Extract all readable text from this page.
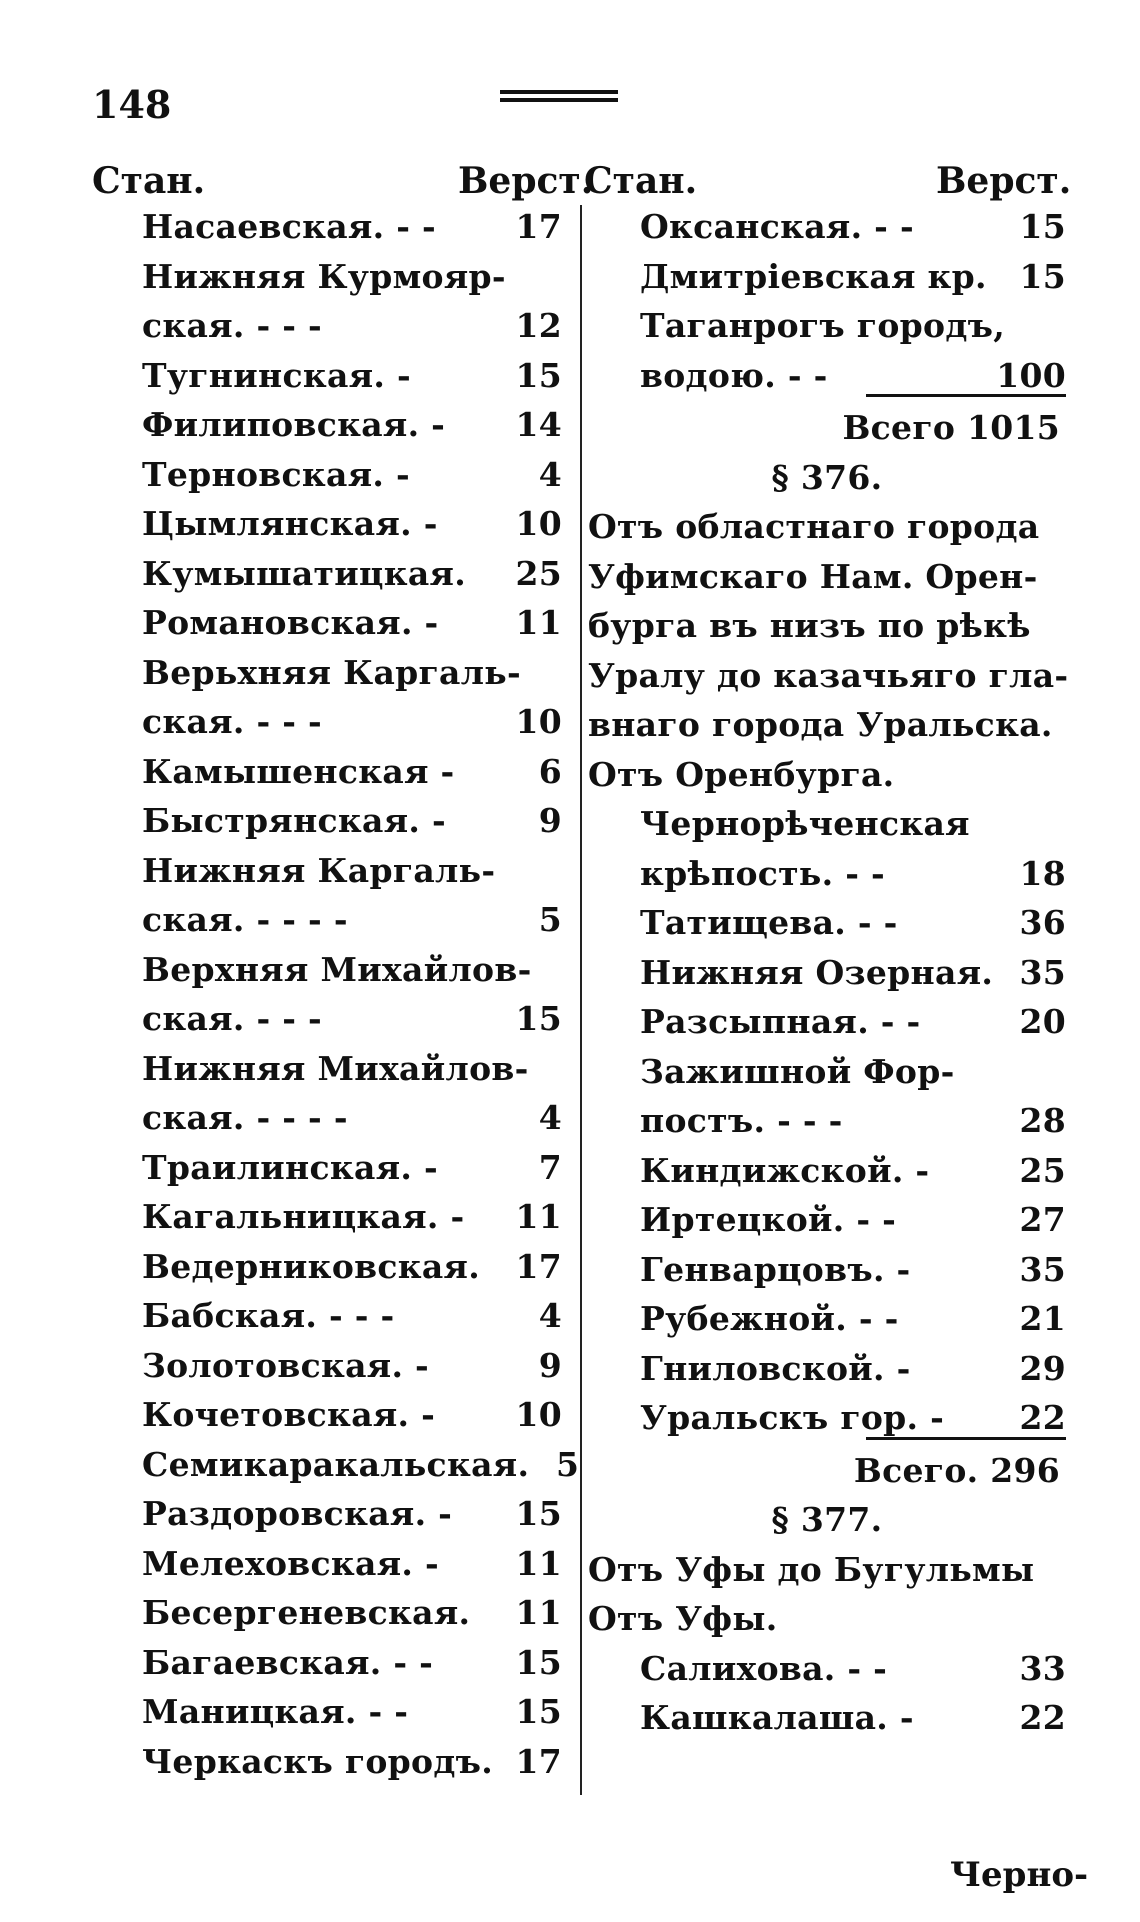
148
Стан.	Верст.
Стан.	Верст.
Насаевская. - - 17
Нижняя Курмояр-
ская. - - -	12
Тугнинская. -	15
Филиповская. - 14
Терновская. -	4
Цымлянская. - 10
Кумышатицкая. 25
Романовская. - 11
Верьхняя Каргаль-
ская. - - -	10
Камышенская -	6
Быстрянская. -	9
Нижняя Каргаль-
ская. - - - -	5
Верхняя Михайлов-
ская. - - -	15
Нижняя Михайлов-
ская. - - - -	4
Траилинская. -	7
Кагальницкая. - 11
Ведерниковская. 17
Бабская. - - -	4
Золотовская. -	9
Кочетовская. - 10
Семикаракальская. 5
Раздоровская. - 15
Мелеховская. - 11
Бесергеневская. 11
Багаевская. - - 15
Маницкая. - -	15
Черкаскъ городъ. 17
Оксанская. - -	15
Дмитріевская кр. 15
Таганрогъ городъ,
водою. - -	100
Всего 1015
§ 376.
Отъ областнаго города
Уфимскаго Нам. Орен-
бурга въ низъ по рѣкѣ
Уралу до казачьяго гла-
внаго города Уральска.
Отъ Оренбурга.
Чернорѣченская
крѣпость. - -	18
Татищева. - -	36
Нижняя Озерная. 35
Разсыпная. - -	20
Зажишной Фор-
постъ. - - -	28
Киндижской. -	25
Иртецкой. - -	27
Генварцовъ. -	35
Рубежной. - -	21
Гниловской. -	29
Уральскъ гор. - 22
Всего. 296
§ 377.
Отъ Уфы до Бугульмы
Отъ Уфы.
Салихова. - -	33
Кашкалаша. -	22
Черно-
